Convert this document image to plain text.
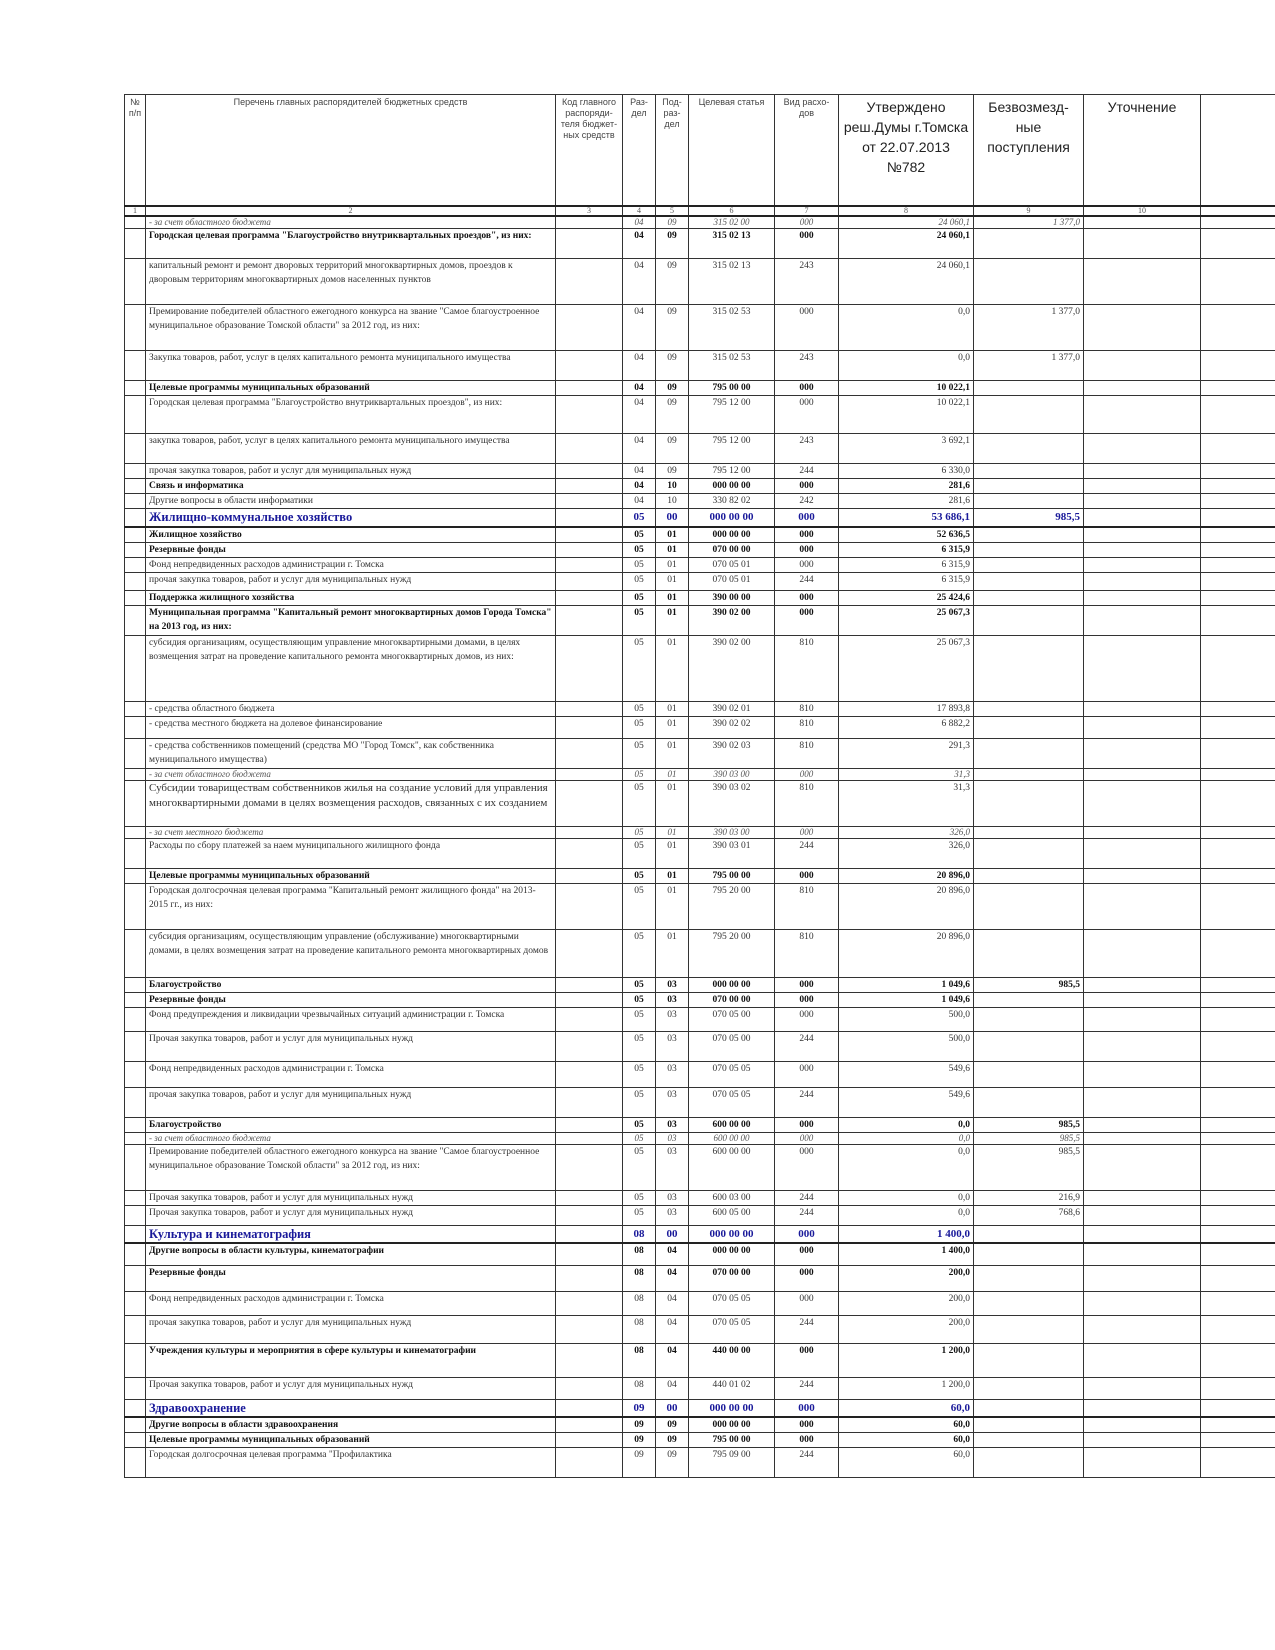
№ п/п	Перечень главных распорядителей бюджетных средств	Код главного распоряди-теля бюджет-ных средств	Раз-дел	Под-раз-дел	Целевая статья	Вид расхо-дов	Утверждено реш.Думы г.Томска от 22.07.2013 №782	Безвозмезд-ные поступления	Уточнение	
1	2	3	4	5	6	7	8	9	10	
	- за счет областного бюджета		04	09	315 02 00	000	24 060,1	1 377,0		
	Городская целевая программа "Благоустройство внутриквартальных проездов", из них:		04	09	315 02 13	000	24 060,1			
	капитальный ремонт и ремонт дворовых территорий многоквартирных домов, проездов к дворовым территориям многоквартирных домов населенных пунктов		04	09	315 02 13	243	24 060,1			
	Премирование победителей областного ежегодного конкурса на звание "Самое благоустроенное муниципальное образование Томской области" за 2012 год, из них:		04	09	315 02 53	000	0,0	1 377,0		
	Закупка товаров, работ, услуг в целях капитального ремонта муниципального имущества		04	09	315 02 53	243	0,0	1 377,0		
	Целевые программы муниципальных образований		04	09	795 00 00	000	10 022,1			
	Городская целевая программа "Благоустройство внутриквартальных проездов", из них:		04	09	795 12 00	000	10 022,1			
	закупка товаров, работ, услуг в целях капитального ремонта муниципального имущества		04	09	795 12 00	243	3 692,1			
	прочая закупка товаров, работ и услуг для муниципальных нужд		04	09	795 12 00	244	6 330,0			
	Связь и информатика		04	10	000 00 00	000	281,6			
	Другие вопросы в области информатики		04	10	330 82 02	242	281,6			
	Жилищно-коммунальное хозяйство		05	00	000 00 00	000	53 686,1	985,5		
	Жилищное хозяйство		05	01	000 00 00	000	52 636,5			
	Резервные фонды		05	01	070 00 00	000	6 315,9			
	Фонд непредвиденных расходов администрации г. Томска		05	01	070 05 01	000	6 315,9			
	прочая закупка товаров, работ и услуг для муниципальных нужд		05	01	070 05 01	244	6 315,9			
	Поддержка жилищного хозяйства		05	01	390 00 00	000	25 424,6			
	Муниципальная программа "Капитальный ремонт многоквартирных домов Города Томска" на 2013 год, из них:		05	01	390 02 00	000	25 067,3			
	субсидия организациям, осуществляющим управление многоквартирными домами, в целях возмещения затрат на проведение капитального ремонта многоквартирных домов, из них:		05	01	390 02 00	810	25 067,3			
	- средства областного бюджета		05	01	390 02 01	810	17 893,8			
	- средства местного бюджета на долевое финансирование		05	01	390 02 02	810	6 882,2			
	- средства собственников помещений (средства МО "Город Томск", как собственника муниципального имущества)		05	01	390 02 03	810	291,3			
	- за счет областного бюджета		05	01	390 03 00	000	31,3			
	Субсидии товариществам собственников жилья на создание условий для управления многоквартирными домами в целях возмещения расходов, связанных с их созданием		05	01	390 03 02	810	31,3			
	- за счет местного бюджета		05	01	390 03 00	000	326,0			
	Расходы по сбору платежей за наем муниципального жилищного фонда		05	01	390 03 01	244	326,0			
	Целевые программы муниципальных образований		05	01	795 00 00	000	20 896,0			
	Городская долгосрочная целевая программа "Капитальный ремонт жилищного фонда" на 2013-2015 гг., из них:		05	01	795 20 00	810	20 896,0			
	субсидия организациям, осуществляющим управление (обслуживание) многоквартирными домами, в целях возмещения затрат на проведение капитального ремонта многоквартирных домов		05	01	795 20 00	810	20 896,0			
	Благоустройство		05	03	000 00 00	000	1 049,6	985,5		
	Резервные фонды		05	03	070 00 00	000	1 049,6			
	Фонд предупреждения и ликвидации чрезвычайных ситуаций администрации г. Томска		05	03	070 05 00	000	500,0			
	Прочая закупка товаров, работ и услуг для муниципальных нужд		05	03	070 05 00	244	500,0			
	Фонд непредвиденных расходов администрации г. Томска		05	03	070 05 05	000	549,6			
	прочая закупка товаров, работ и услуг для муниципальных нужд		05	03	070 05 05	244	549,6			
	Благоустройство		05	03	600 00 00	000	0,0	985,5		
	- за счет областного бюджета		05	03	600 00 00	000	0,0	985,5		
	Премирование победителей областного ежегодного конкурса на звание "Самое благоустроенное муниципальное образование Томской области" за 2012 год, из них:		05	03	600 00 00	000	0,0	985,5		
	Прочая закупка товаров, работ и услуг для муниципальных нужд		05	03	600 03 00	244	0,0	216,9		
	Прочая закупка товаров, работ и услуг для муниципальных нужд		05	03	600 05 00	244	0,0	768,6		
	Культура и кинематография		08	00	000 00 00	000	1 400,0			
	Другие вопросы в области культуры, кинематографии		08	04	000 00 00	000	1 400,0			
	Резервные фонды		08	04	070 00 00	000	200,0			
	Фонд непредвиденных расходов администрации г. Томска		08	04	070 05 05	000	200,0			
	прочая закупка товаров, работ и услуг для муниципальных нужд		08	04	070 05 05	244	200,0			
	Учреждения культуры и мероприятия в сфере культуры и кинематографии		08	04	440 00 00	000	1 200,0			
	Прочая закупка товаров, работ и услуг для муниципальных нужд		08	04	440 01 02	244	1 200,0			
	Здравоохранение		09	00	000 00 00	000	60,0			
	Другие вопросы в области здравоохранения		09	09	000 00 00	000	60,0			
	Целевые программы муниципальных образований		09	09	795 00 00	000	60,0			
	Городская долгосрочная целевая программа "Профилактика		09	09	795 09 00	244	60,0			
